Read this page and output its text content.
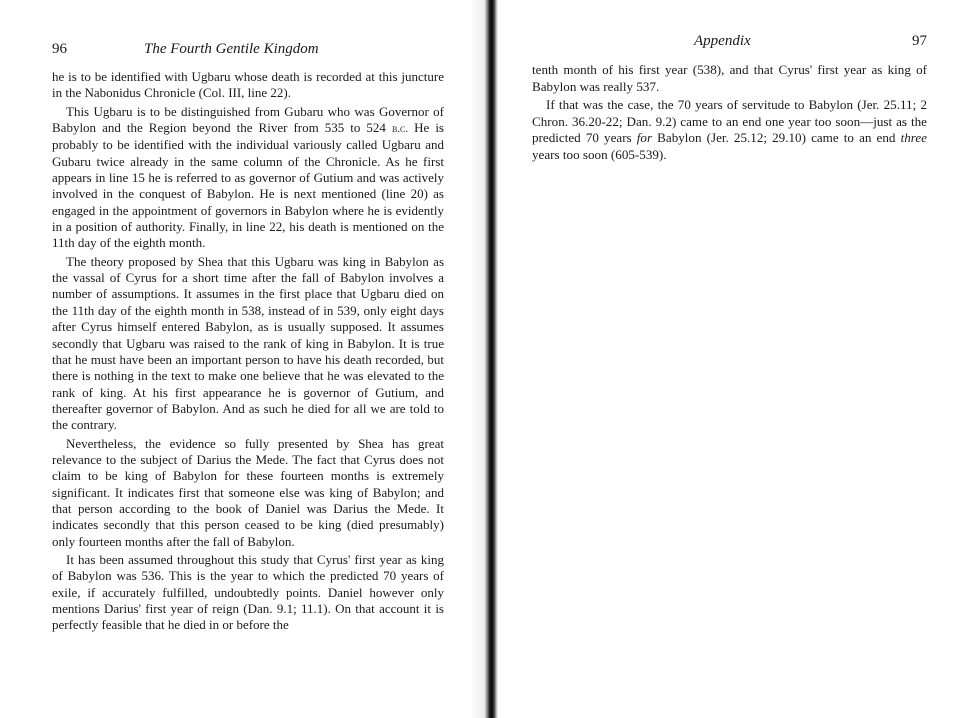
96	The Fourth Gentile Kingdom

he is to be identified with Ugbaru whose death is recorded at this juncture in the Nabonidus Chronicle (Col. III, line 22).

This Ugbaru is to be distinguished from Gubaru who was Governor of Babylon and the Region beyond the River from 535 to 524 b.c. He is probably to be identified with the individual variously called Ugbaru and Gubaru twice already in the same column of the Chronicle. As he first appears in line 15 he is referred to as governor of Gutium and was actively involved in the conquest of Babylon. He is next mentioned (line 20) as engaged in the appointment of governors in Babylon where he is evidently in a position of authority. Finally, in line 22, his death is mentioned on the 11th day of the eighth month.

The theory proposed by Shea that this Ugbaru was king in Babylon as the vassal of Cyrus for a short time after the fall of Babylon involves a number of assumptions. It assumes in the first place that Ugbaru died on the 11th day of the eighth month in 538, instead of in 539, only eight days after Cyrus himself entered Babylon, as is usually supposed. It assumes secondly that Ugbaru was raised to the rank of king in Babylon. It is true that he must have been an important person to have his death recorded, but there is nothing in the text to make one believe that he was elevated to the rank of king. At his first appearance he is governor of Gutium, and thereafter governor of Babylon. And as such he died for all we are told to the contrary.

Nevertheless, the evidence so fully presented by Shea has great relevance to the subject of Darius the Mede. The fact that Cyrus does not claim to be king of Babylon for these fourteen months is extremely significant. It indicates first that someone else was king of Babylon; and that person according to the book of Daniel was Darius the Mede. It indicates secondly that this person ceased to be king (died presumably) only fourteen months after the fall of Babylon.

It has been assumed throughout this study that Cyrus' first year as king of Babylon was 536. This is the year to which the predicted 70 years of exile, if accurately fulfilled, undoubtedly points. Daniel however only mentions Darius' first year of reign (Dan. 9.1; 11.1). On that account it is perfectly feasible that he died in or before the

Appendix	97

tenth month of his first year (538), and that Cyrus' first year as king of Babylon was really 537.

If that was the case, the 70 years of servitude to Babylon (Jer. 25.11; 2 Chron. 36.20-22; Dan. 9.2) came to an end one year too soon—just as the predicted 70 years for Babylon (Jer. 25.12; 29.10) came to an end three years too soon (605-539).
